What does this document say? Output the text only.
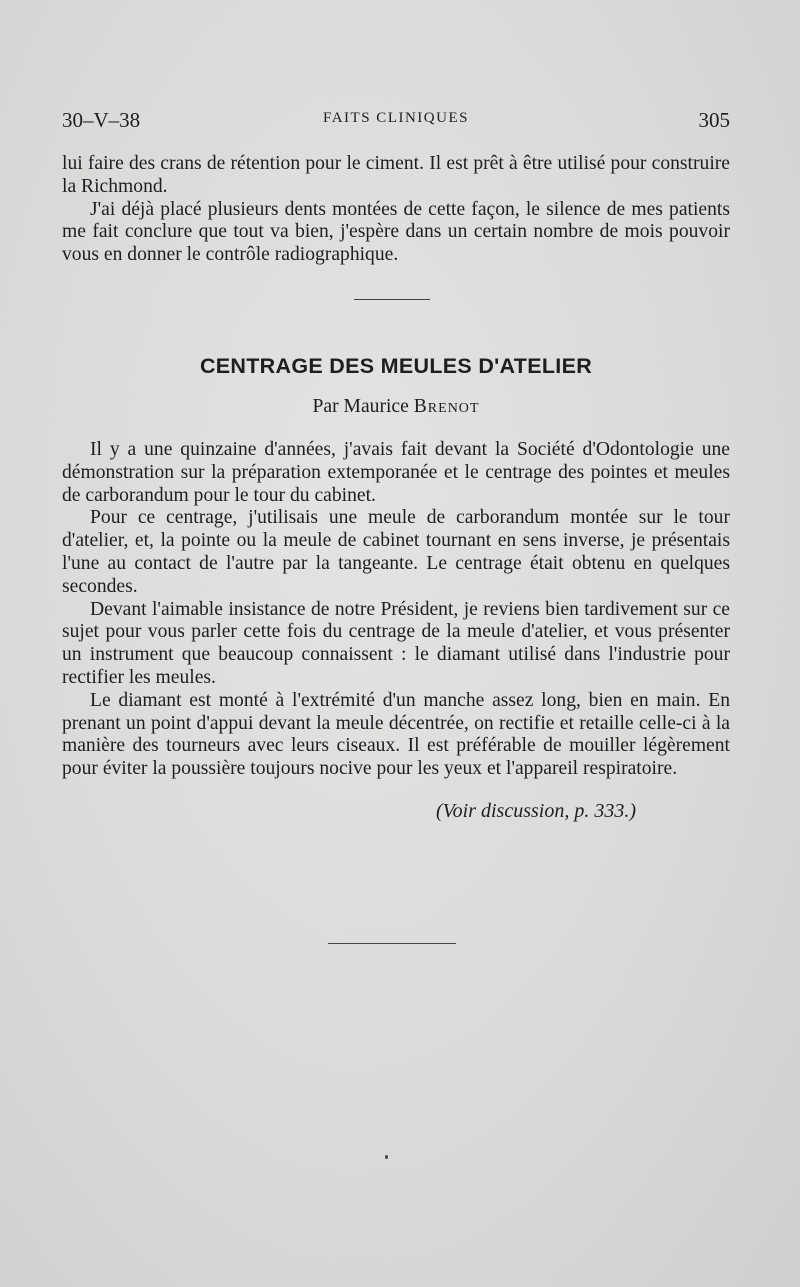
30–V–38	FAITS CLINIQUES	305

lui faire des crans de rétention pour le ciment. Il est prêt à être utilisé pour construire la Richmond.

J'ai déjà placé plusieurs dents montées de cette façon, le silence de mes patients me fait conclure que tout va bien, j'espère dans un certain nombre de mois pouvoir vous en donner le contrôle radiographique.

CENTRAGE DES MEULES D'ATELIER
Par Maurice Brenot

Il y a une quinzaine d'années, j'avais fait devant la Société d'Odontologie une démonstration sur la préparation extemporanée et le centrage des pointes et meules de carborandum pour le tour du cabinet.

Pour ce centrage, j'utilisais une meule de carborandum montée sur le tour d'atelier, et, la pointe ou la meule de cabinet tournant en sens inverse, je présentais l'une au contact de l'autre par la tangeante. Le centrage était obtenu en quelques secondes.

Devant l'aimable insistance de notre Président, je reviens bien tardivement sur ce sujet pour vous parler cette fois du centrage de la meule d'atelier, et vous présenter un instrument que beaucoup connaissent : le diamant utilisé dans l'industrie pour rectifier les meules.

Le diamant est monté à l'extrémité d'un manche assez long, bien en main. En prenant un point d'appui devant la meule décentrée, on rectifie et retaille celle-ci à la manière des tourneurs avec leurs ciseaux. Il est préférable de mouiller légèrement pour éviter la poussière toujours nocive pour les yeux et l'appareil respiratoire.

(Voir discussion, p. 333.)
